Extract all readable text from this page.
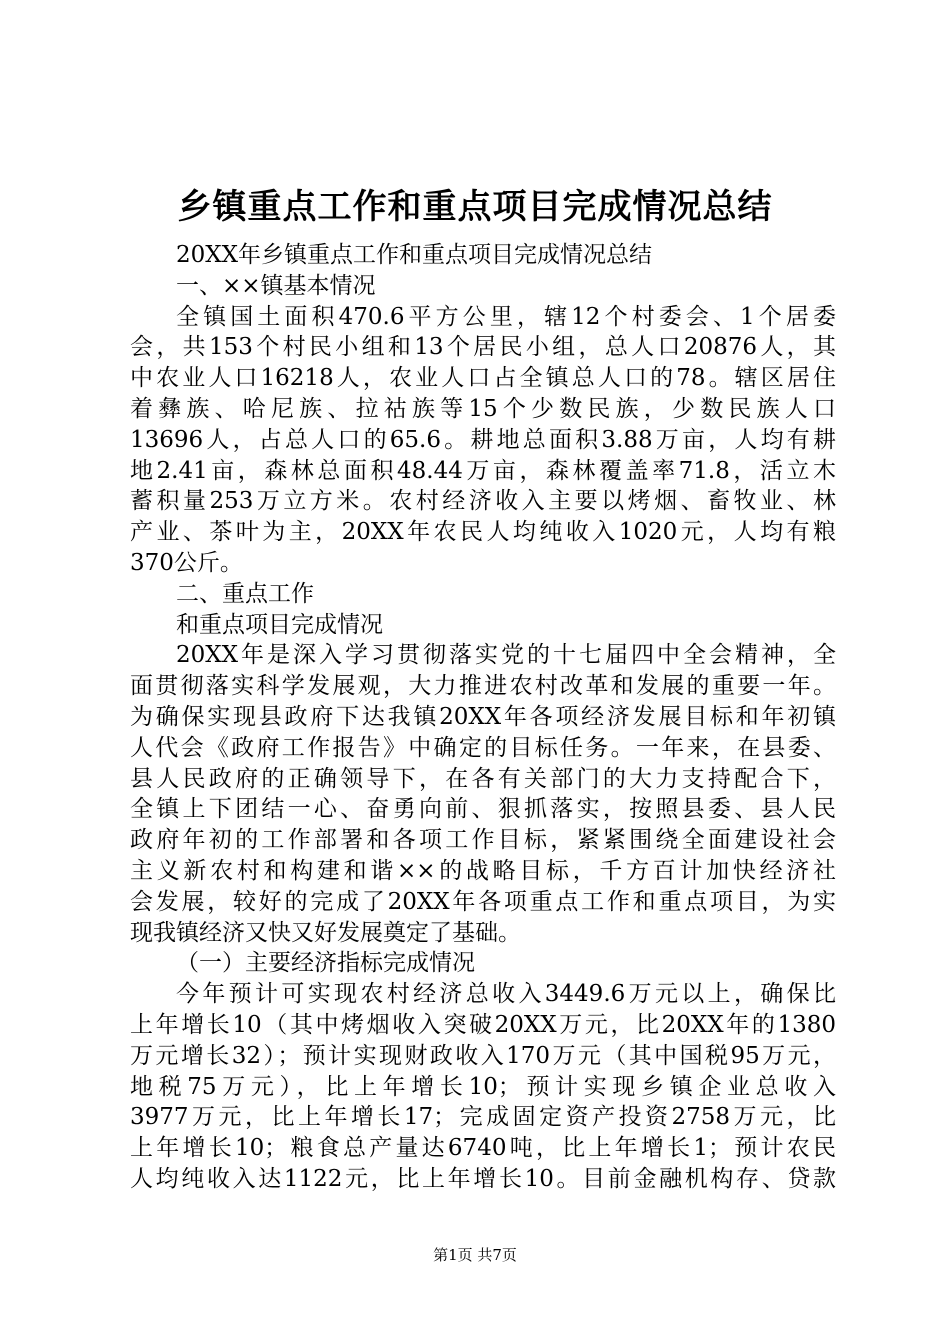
乡镇重点工作和重点项目完成情况总结
20XX年乡镇重点工作和重点项目完成情况总结
一、××镇基本情况
全镇国土面积470.6平方公里，辖12个村委会、1个居委
会，共153个村民小组和13个居民小组，总人口20876人，其
中农业人口16218人，农业人口占全镇总人口的78。辖区居住
着彝族、哈尼族、拉祜族等15个少数民族，少数民族人口
13696人，占总人口的65.6。耕地总面积3.88万亩，人均有耕
地2.41亩，森林总面积48.44万亩，森林覆盖率71.8，活立木
蓄积量253万立方米。农村经济收入主要以烤烟、畜牧业、林
产业、茶叶为主，20XX年农民人均纯收入1020元，人均有粮
370公斤。
二、重点工作
和重点项目完成情况
20XX年是深入学习贯彻落实党的十七届四中全会精神，全
面贯彻落实科学发展观，大力推进农村改革和发展的重要一年。
为确保实现县政府下达我镇20XX年各项经济发展目标和年初镇
人代会《政府工作报告》中确定的目标任务。一年来，在县委、
县人民政府的正确领导下，在各有关部门的大力支持配合下，
全镇上下团结一心、奋勇向前、狠抓落实，按照县委、县人民
政府年初的工作部署和各项工作目标，紧紧围绕全面建设社会
主义新农村和构建和谐××的战略目标，千方百计加快经济社
会发展，较好的完成了20XX年各项重点工作和重点项目，为实
现我镇经济又快又好发展奠定了基础。
（一）主要经济指标完成情况
今年预计可实现农村经济总收入3449.6万元以上，确保比
上年增长10（其中烤烟收入突破20XX万元，比20XX年的1380
万元增长32）；预计实现财政收入170万元（其中国税95万元，
地税75万元），比上年增长10；预计实现乡镇企业总收入
3977万元，比上年增长17；完成固定资产投资2758万元，比
上年增长10；粮食总产量达6740吨，比上年增长1；预计农民
人均纯收入达1122元，比上年增长10。目前金融机构存、贷款
第1页 共7页
